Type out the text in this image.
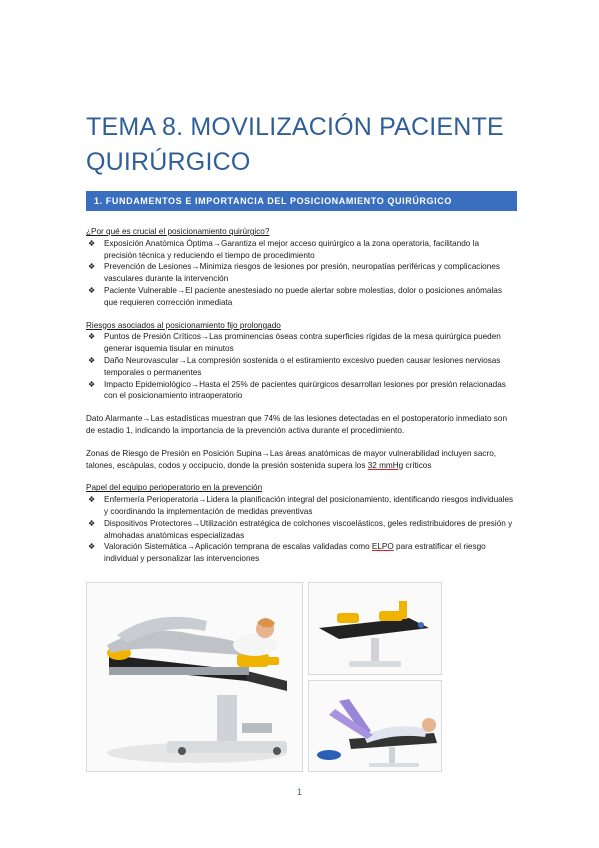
TEMA 8. MOVILIZACIÓN PACIENTE QUIRÚRGICO
1. FUNDAMENTOS E IMPORTANCIA DEL POSICIONAMIENTO QUIRÚRGICO

¿Por qué es crucial el posicionamiento quirúrgico?

❖ Exposición Anatómica Óptima→Garantiza el mejor acceso quirúrgico a la zona operatoria, facilitando la precisión técnica y reduciendo el tiempo de procedimiento
❖ Prevención de Lesiones→Minimiza riesgos de lesiones por presión, neuropatías periféricas y complicaciones vasculares durante la intervención
❖ Paciente Vulnerable→El paciente anestesiado no puede alertar sobre molestias, dolor o posiciones anómalas que requieren corrección inmediata

Riesgos asociados al posicionamiento fijo prolongado

❖ Puntos de Presión Críticos→Las prominencias óseas contra superficies rígidas de la mesa quirúrgica pueden generar isquemia tisular en minutos
❖ Daño Neurovascular→La compresión sostenida o el estiramiento excesivo pueden causar lesiones nerviosas temporales o permanentes
❖ Impacto Epidemiológico→Hasta el 25% de pacientes quirúrgicos desarrollan lesiones por presión relacionadas con el posicionamiento intraoperatorio

Dato Alarmante→Las estadísticas muestran que 74% de las lesiones detectadas en el postoperatorio inmediato son de estadio 1, indicando la importancia de la prevención activa durante el procedimiento.

Zonas de Riesgo de Presión en Posición Supina→Las áreas anatómicas de mayor vulnerabilidad incluyen sacro, talones, escápulas, codos y occipucio, donde la presión sostenida supera los 32 mmHg críticos

Papel del equipo perioperatorio en la prevención

❖ Enfermería Perioperatoria→Lidera la planificación integral del posicionamiento, identificando riesgos individuales y coordinando la implementación de medidas preventivas
❖ Dispositivos Protectores→Utilización estratégica de colchones viscoelásticos, geles redistribuidores de presión y almohadas anatómicas especializadas
❖ Valoración Sistemática→Aplicación temprana de escalas validadas como ELPO para estratificar el riesgo individual y personalizar las intervenciones
1
